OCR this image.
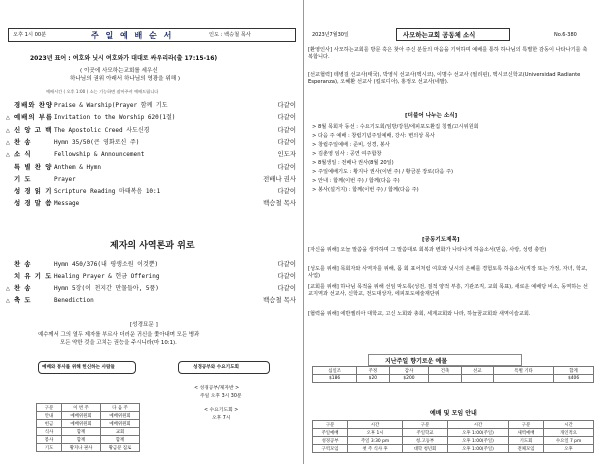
오후 1시 00분	주 일 예 배 순 서	인도 : 백승철 목사
2023년 표어 : 여호와 닛시 여호와가 대대로 싸우리라(출 17:15-16)
( 이곳에 사모하는교회를 세우신
하나님의 권위 아래서 하나님의 영광을 위해 )
예배시간 ( 오후 1:00 ) 소는 기능하면 잠아주셔 예배드립니다
경배와 찬양Praise & Warship(Prayer 함께 기도	다같이
△ 예배의 부름Invitation to the Worship 620(1절)	다같이
△ 신 앙 고 백 The Apostolic Creed 사도신경	다같이
△ 찬 송	Hymn 35/50(큰 영화로신 주)	다같이
△ 소 식	Fellowship & Announcement	인도자
특 별 찬 양 Anthem & Hymn	다같이
기 도	Prayer	전배나 권사
성 경 읽 기 Scripture Reading 마태복음 10:1	다같이
성 경 말 씀 Message	백승철 목사
제자의 사역론과 위로
찬 송	Hymn 450/376(내 평생소원 이것뿐)	다같이
치 유 기 도 Healing Prayer & 헌금 Offering	다같이
△ 찬 송	Hymn 5장(이 천지간 만물들아, 5품)	다같이
△ 축 도	Benediction	백승철 목사
[성경묘문 ]
예수께서 그의 열두 제자를 부르사 더러운 귀신을 쫓아내며 모든 병과
모든 약한 것을 고치는 권능을 주시니라(마 10:1).
예배와 봉사를 위해 헌신하는 사람들
구분	이 번 주	다 음 주
안내	예배위원회	예배위원회
헌금	예배위원회	예배위원회
식사	함께	교회
봉사	함께	함께
기도	황지나 권사	황금분 집로
성경공부와 수요기도회
< 성경공부/제자반 >
주일 오후 3시 30분
< 수요기도회 >
오후 7시
2023년7월30일	사모하는교회 공동체 소식	No.6-380
[환영인사] 사모하는교회를 방문 혹은 찾아 주신 분들의 마음을 기억하며 예배를 통하 하나님의 특별한 감동이 나타나기를 축복합니다.
[선교협력] 테병걸 선교사(태국), 박영식 선교사(멕시코), 이명수 선교사 (필리핀), 멕시코신학교(Universidad Radiante Esperanza), 오혜환 선교사 (킬로디아), 홍정오 선교사(네팔).
[더불어 나누는 소식]
> 8월 목회자 동선 : 수요기도회/임방/강원/에피포도환집 칭찔/고시위원회
> 다음 주 예배 : 창립기념주일예배, 강사: 변의상 목사
> 창립주일예배 : 준비, 성경, 봉사
> 김춘영 임사 : 공연 여주합창
> 8월생일 : 전배나 권사(8월 20일)
> 주일예배기도 : 황지나 권사(이번 주) / 황금분 장로(다음 주)
> 안내 : 합께(이번 주) / 합께(다음 주)
> 봉사(설거지) : 합께(이번 주) / 합께(다음 주)
[공동기도제목]
[자신을 위해] 오늘 말씀을 생각하며 그 말씀대로 회복과 변화가 나타나게 하옵소서(믿음, 사랑, 성령 충만)
[성도를 위해] 목회자와 사역자를 위해, 몸 회 표어처럼 여호와 닛시의 은혜를 경험토록 하옵소서(직장 또는 가정, 자녀, 학교, 사업)
[교회를 위해] 하나님 목적을 위해 선임 막도록(성전, 질적 양적 부흥, 기관조직, 교회 목표), 새로운 예배당 비소, 동역하는 선교지역과 선교사, 신학교, 전도대상자, 에피포도예술재단위
[협력을 위해] 에반젤리아 대학교, 고신 노회와 총회, 세계교회와 나라, 하늘꿈교회와 새역이슬교회.
지난주일 향기로운 예물
십일조	주정	감사	건축	선교	특별 기타	합계
$186	$20	$200				$406
예배 및 모임 안내
구분	시간	구분	시간	구분	시간
주일예배	오후 1시	주일학교	오후 1:00(주일)	새벽예배	개인적으
성경공부	주일 3:30 pm	청.고등부	오후 1:00(주일)	기도회	수요일 7 pm
구역모임	첫 주 식사 후	대학 청년회	오후 1:00(주일)	전체모임	오후
